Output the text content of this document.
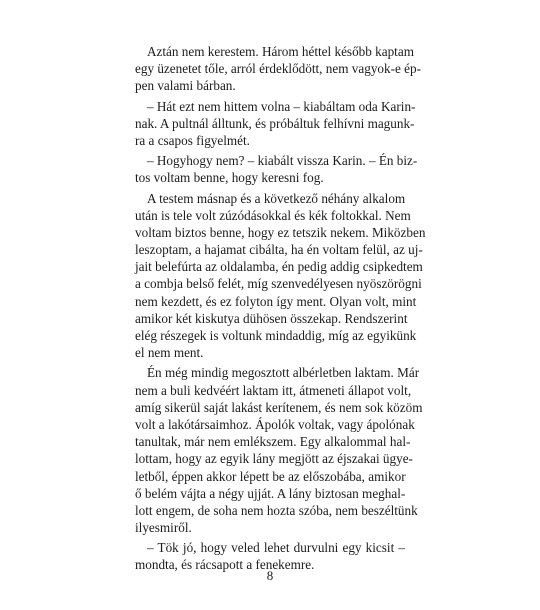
Aztán nem kerestem. Három héttel később kaptam
egy üzenetet tőle, arról érdeklődött, nem vagyok-e ép-
pen valami bárban.
– Hát ezt nem hittem volna – kiabáltam oda Karin-
nak. A pultnál álltunk, és próbáltuk felhívni magunk-
ra a csapos figyelmét.
– Hogyhogy nem? – kiabált vissza Karin. – Én biz-
tos voltam benne, hogy keresni fog.
A testem másnap és a következő néhány alkalom
után is tele volt zúzódásokkal és kék foltokkal. Nem
voltam biztos benne, hogy ez tetszik nekem. Miközben
leszoptam, a hajamat cibálta, ha én voltam felül, az uj-
jait belefúrta az oldalamba, én pedig addig csipkedtem
a combja belső felét, míg szenvedélyesen nyöszörögni
nem kezdett, és ez folyton így ment. Olyan volt, mint
amikor két kiskutya dühösen összekap. Rendszerint
elég részegek is voltunk mindaddig, míg az egyikünk
el nem ment.
Én még mindig megosztott albérletben laktam. Már
nem a buli kedvéért laktam itt, átmeneti állapot volt,
amíg sikerül saját lakást kerítenem, és nem sok közöm
volt a lakótársaimhoz. Ápolók voltak, vagy ápolónak
tanultak, már nem emlékszem. Egy alkalommal hal-
lottam, hogy az egyik lány megjött az éjszakai ügye-
letből, éppen akkor lépett be az előszobába, amikor
ő belém vájta a négy ujját. A lány biztosan meghal-
lott engem, de soha nem hozta szóba, nem beszéltünk
ilyesmiről.
– Tök jó, hogy veled lehet durvulni egy kicsit –
mondta, és rácsapott a fenekemre.
8
